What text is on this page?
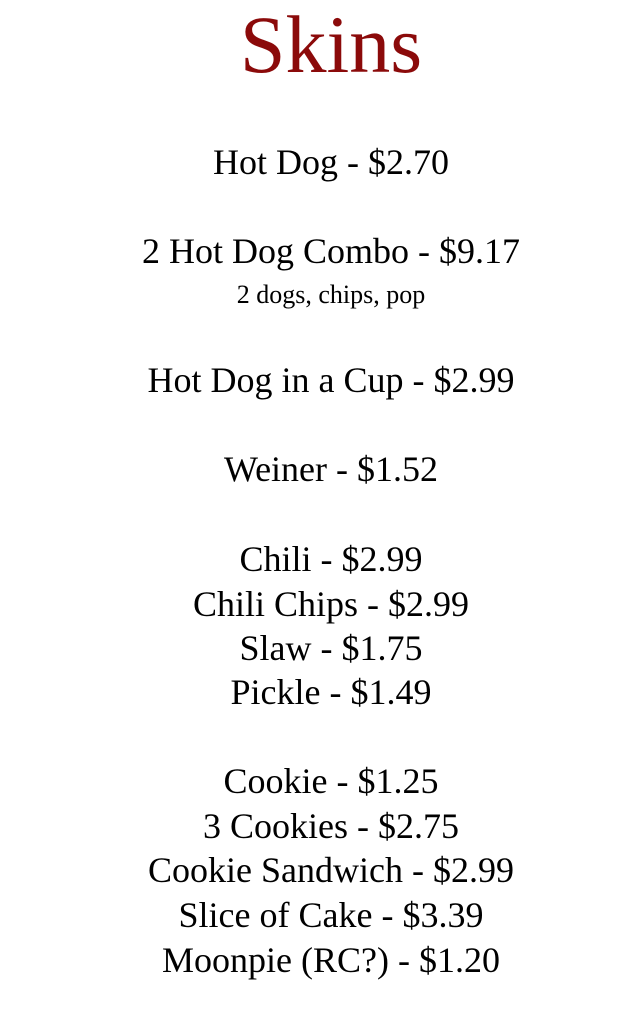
Skins
Hot Dog - $2.70
2 Hot Dog Combo - $9.17
2 dogs, chips, pop
Hot Dog in a Cup - $2.99
Weiner - $1.52
Chili - $2.99
Chili Chips - $2.99
Slaw - $1.75
Pickle - $1.49
Cookie - $1.25
3 Cookies - $2.75
Cookie Sandwich - $2.99
Slice of Cake - $3.39
Moonpie (RC?) - $1.20
